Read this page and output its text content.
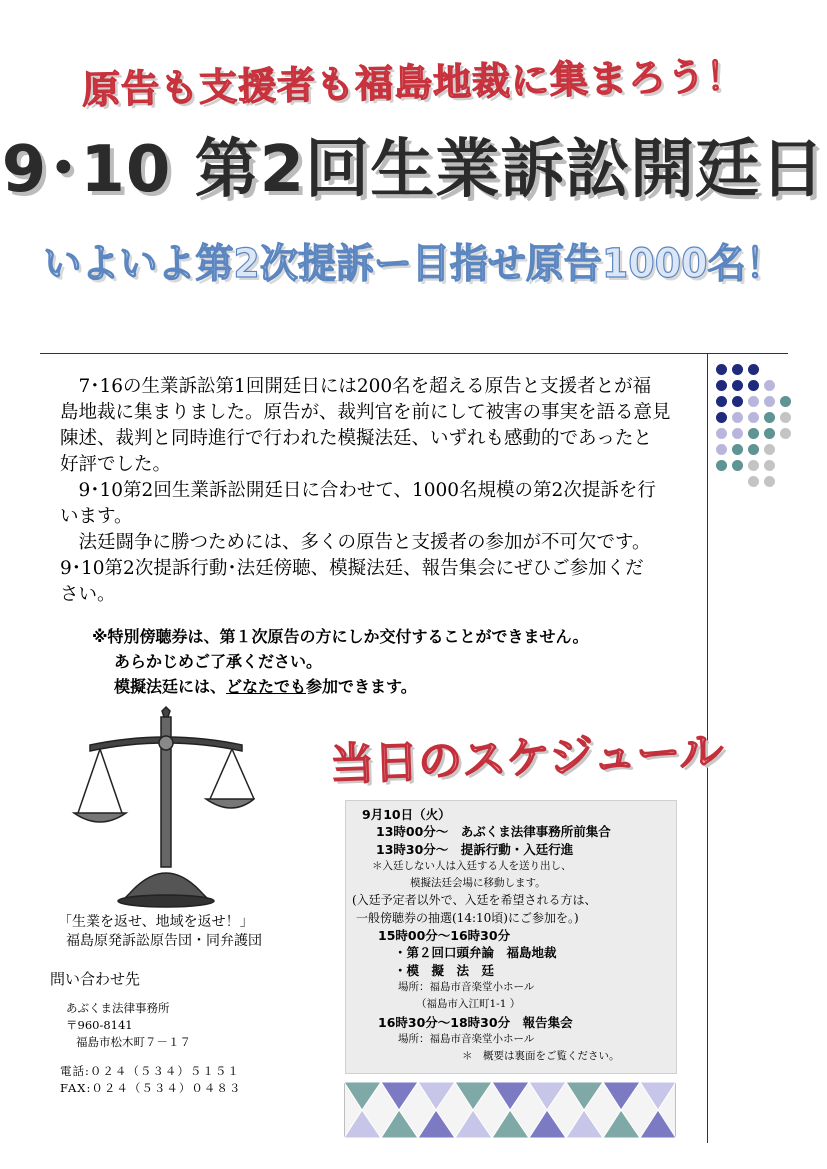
原告も支援者も福島地裁に集まろう！
9･10 第2回生業訴訟開廷日
いよいよ第2次提訴ー目指せ原告1000名！

7･16の生業訴訟第1回開廷日には200名を超える原告と支援者とが福

島地裁に集まりました。原告が、裁判官を前にして被害の事実を語る意見

陳述、裁判と同時進行で行われた模擬法廷、いずれも感動的であったと

好評でした。

9･10第2回生業訴訟開廷日に合わせて、1000名規模の第2次提訴を行

います。

法廷闘争に勝つためには、多くの原告と支援者の参加が不可欠です。

9･10第2次提訴行動･法廷傍聴、模擬法廷、報告集会にぜひご参加くだ

さい。

※特別傍聴券は、第１次原告の方にしか交付することができません。
あらかじめご了承ください。
模擬法廷には、どなたでも参加できます。
「生業を返せ、地域を返せ！」
福島原発訴訟原告団・同弁護団
問い合わせ先
あぶくま法律事務所
〒960-8141
福島市松木町７－１７
電話:０２４（５３４）５１５１
FAX:０２４（５３４）０４８３
当日のスケジュール
9月10日（火）
13時00分～　あぶくま法律事務所前集合
13時30分～　提訴行動・入廷行進
＊入廷しない人は入廷する人を送り出し、
模擬法廷会場に移動します。
(入廷予定者以外で、入廷を希望される方は、
一般傍聴券の抽選(14:10頃)にご参加を。)
15時00分～16時30分
・第２回口頭弁論　福島地裁
・模　擬　法　廷
場所：福島市音楽堂小ホール
（福島市入江町1-1 ）
16時30分～18時30分　報告集会
場所：福島市音楽堂小ホール
＊　概要は裏面をご覧ください。
